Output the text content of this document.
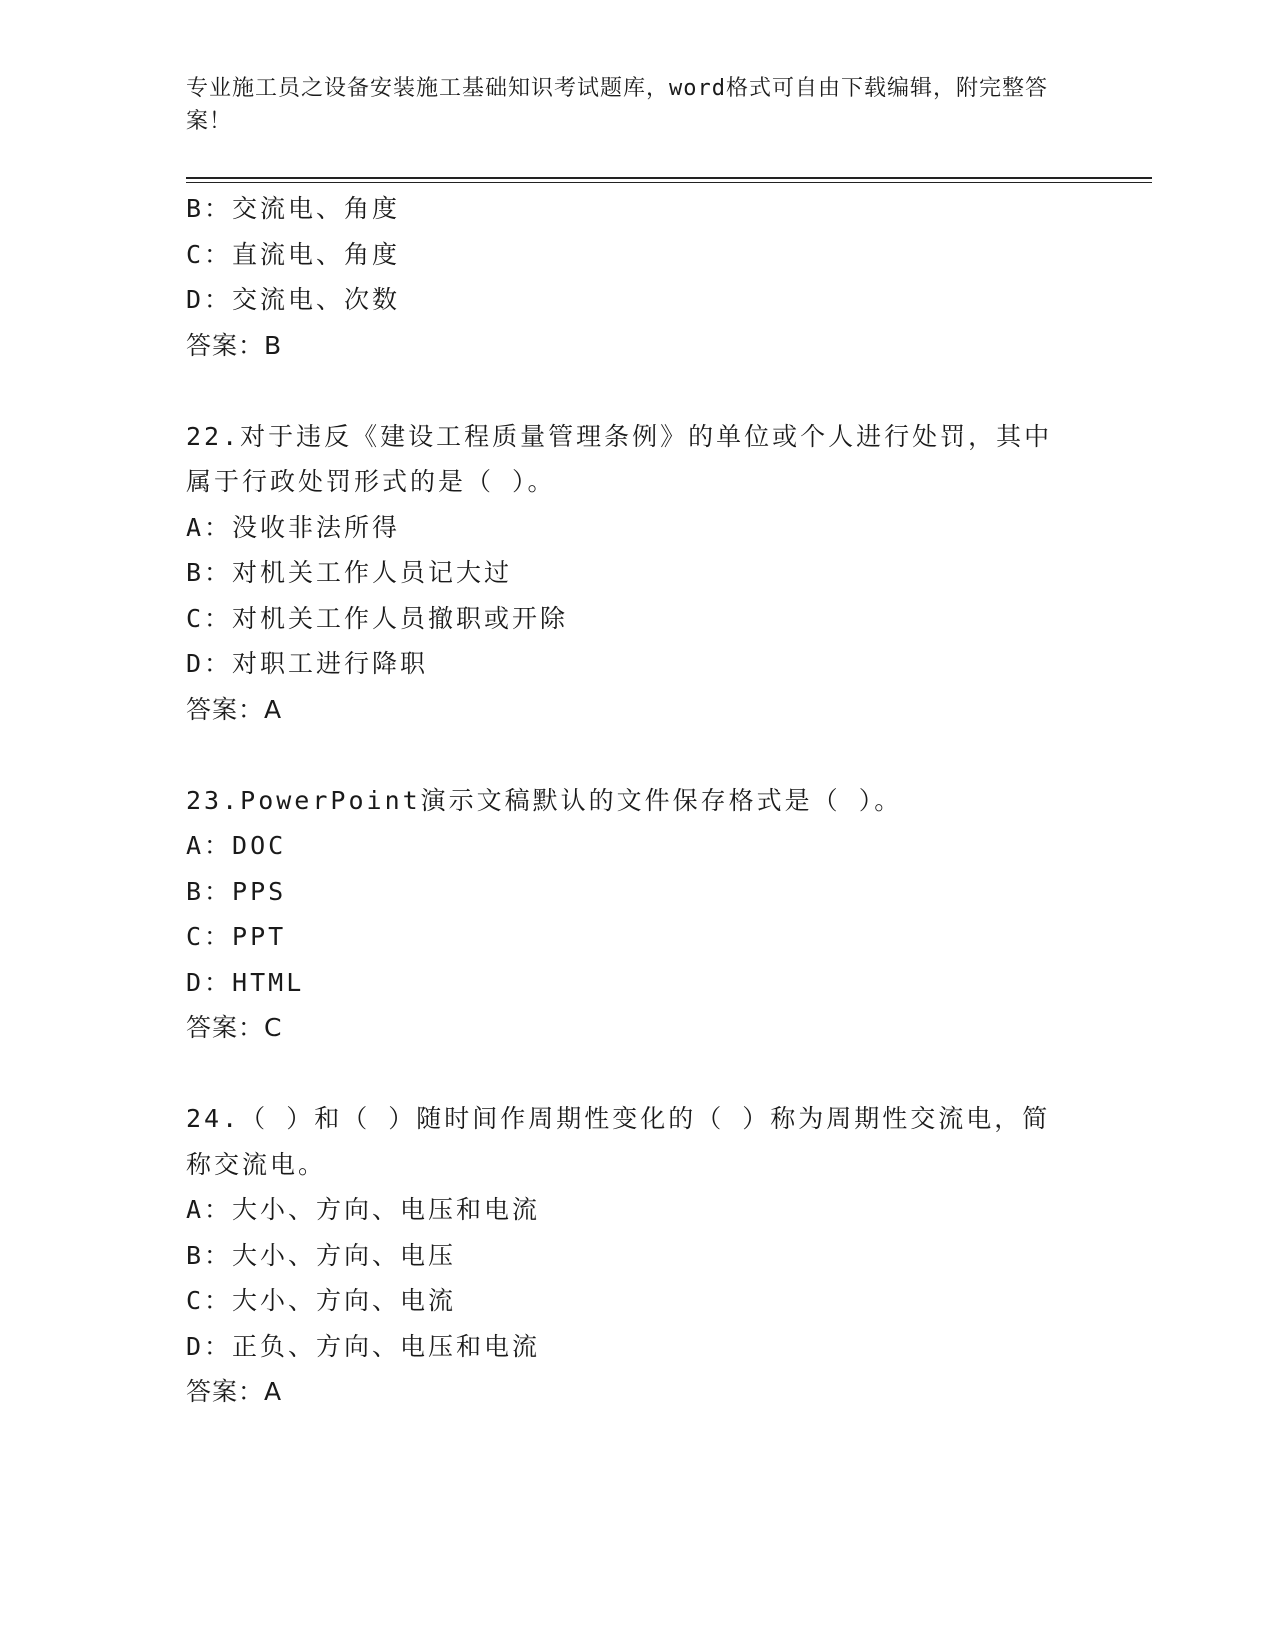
专业施工员之设备安装施工基础知识考试题库，word格式可自由下载编辑，附完整答案！
B：交流电、角度
C：直流电、角度
D：交流电、次数
答案：B
22.对于违反《建设工程质量管理条例》的单位或个人进行处罚，其中属于行政处罚形式的是（ ）。
A：没收非法所得
B：对机关工作人员记大过
C：对机关工作人员撤职或开除
D：对职工进行降职
答案：A
23.PowerPoint演示文稿默认的文件保存格式是（ ）。
A：DOC
B：PPS
C：PPT
D：HTML
答案：C
24.（ ）和（ ）随时间作周期性变化的（ ）称为周期性交流电，简称交流电。
A：大小、方向、电压和电流
B：大小、方向、电压
C：大小、方向、电流
D：正负、方向、电压和电流
答案：A
